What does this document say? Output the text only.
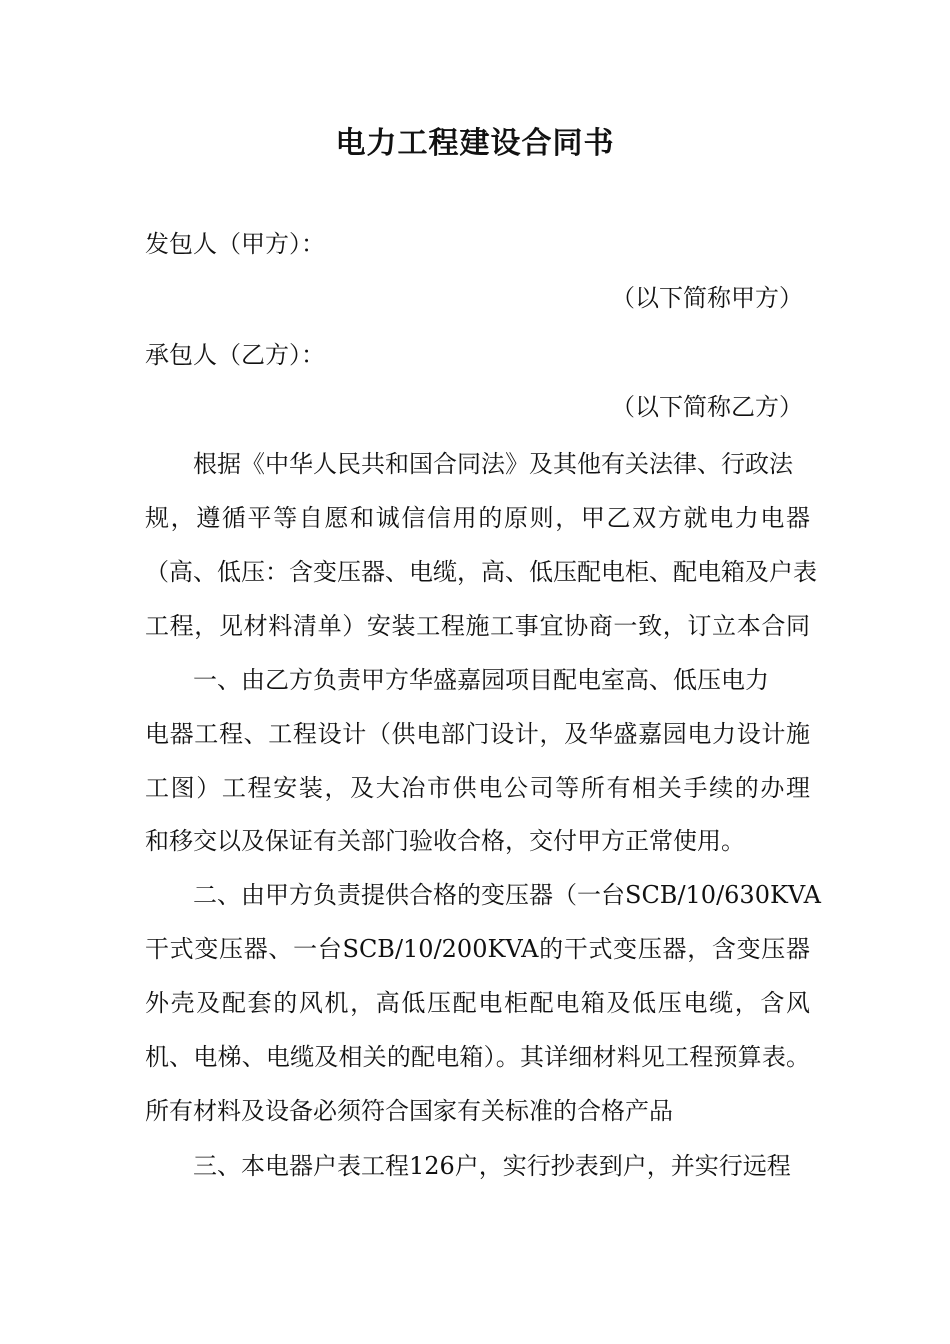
电力工程建设合同书
发包人（甲方）：
（以下简称甲方）
承包人（乙方）：
（以下简称乙方）
根据《中华人民共和国合同法》及其他有关法律、行政法
规，遵循平等自愿和诚信信用的原则，甲乙双方就电力电器
（高、低压：含变压器、电缆，高、低压配电柜、配电箱及户表
工程，见材料清单）安装工程施工事宜协商一致，订立本合同
一、由乙方负责甲方华盛嘉园项目配电室高、低压电力
电器工程、工程设计（供电部门设计，及华盛嘉园电力设计施
工图）工程安装，及大冶市供电公司等所有相关手续的办理
和移交以及保证有关部门验收合格，交付甲方正常使用。
二、由甲方负责提供合格的变压器（一台SCB/10/630KVA
干式变压器、一台SCB/10/200KVA的干式变压器，含变压器
外壳及配套的风机，高低压配电柜配电箱及低压电缆，含风
机、电梯、电缆及相关的配电箱）。其详细材料见工程预算表。
所有材料及设备必须符合国家有关标准的合格产品
三、本电器户表工程126户，实行抄表到户，并实行远程
